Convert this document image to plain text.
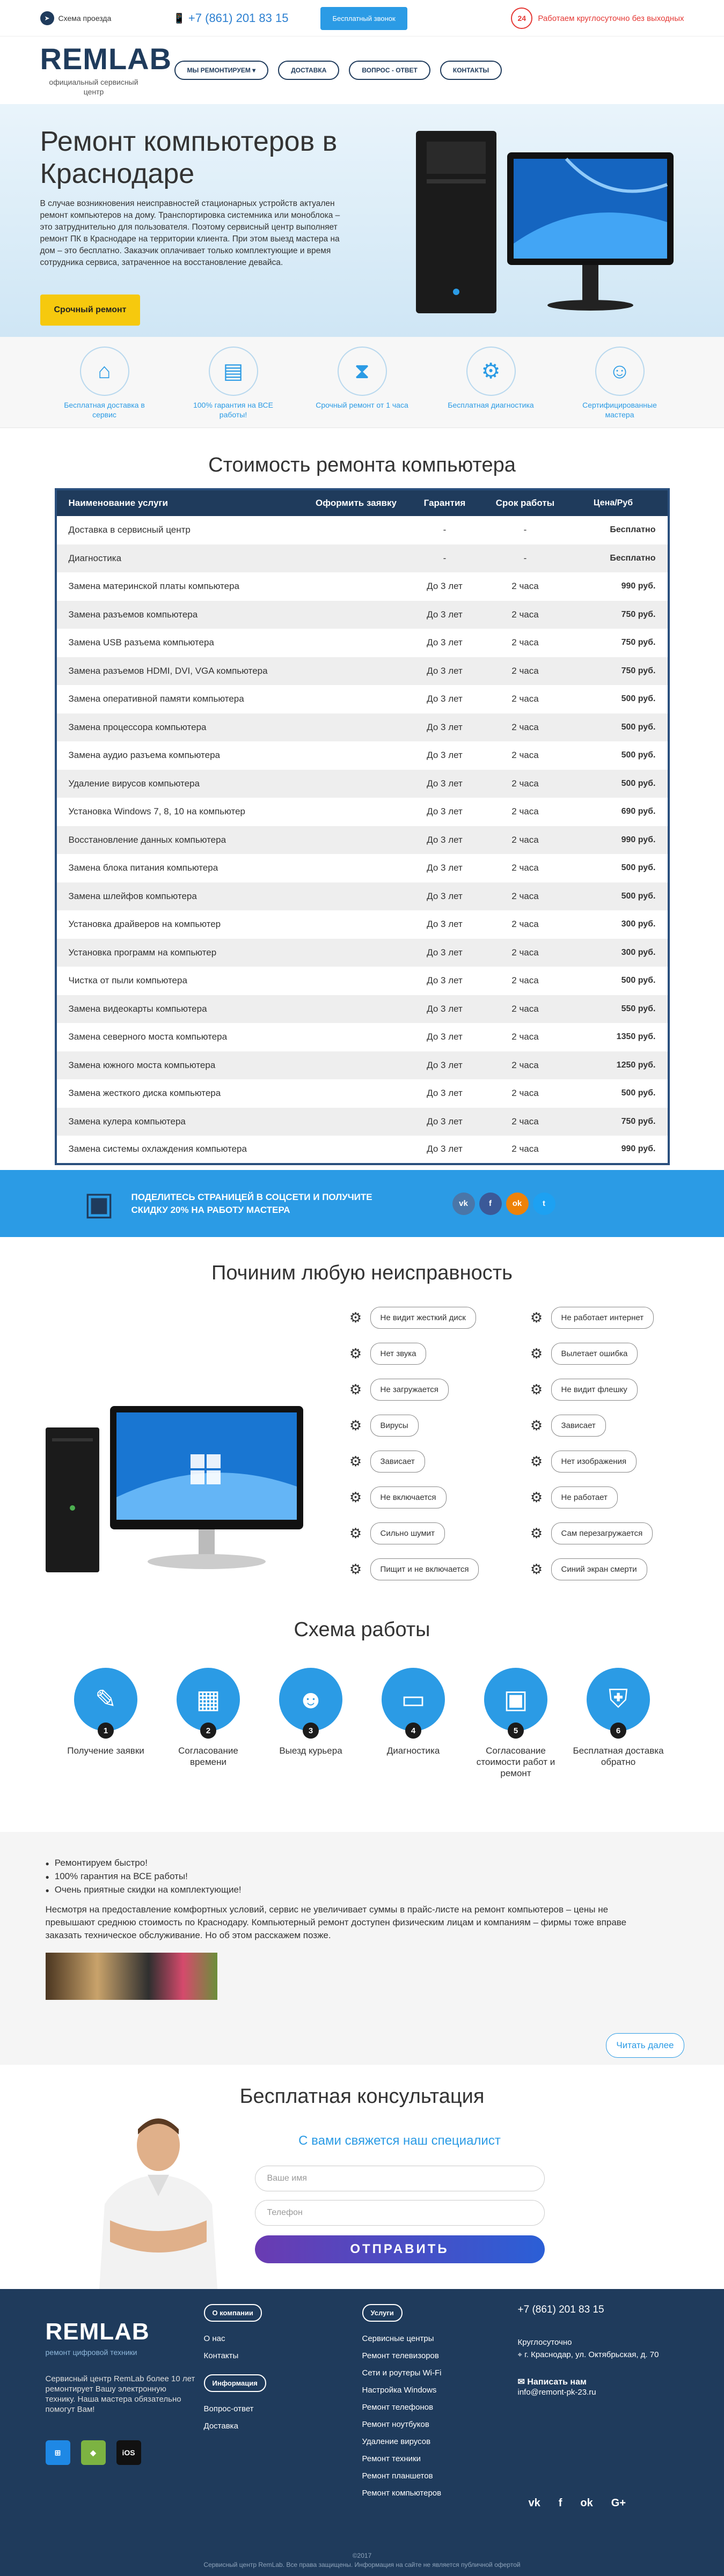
➤	Схема проезда	📱 +7 (861) 201 83 15	Бесплатный звонок	24	Работаем круглосуточно без выходных
REMLAB
официальный сервисный центр
МЫ РЕМОНТИРУЕМ ▾	ДОСТАВКА	ВОПРОС - ОТВЕТ	КОНТАКТЫ
Ремонт компьютеров в Краснодаре

В случае возникновения неисправностей стационарных устройств актуален ремонт компьютеров на дому. Транспортировка системника или моноблока – это затруднительно для пользователя. Поэтому сервисный центр выполняет ремонт ПК в Краснодаре на территории клиента. При этом выезд мастера на дом – это бесплатно. Заказчик оплачивает только комплектующие и время сотрудника сервиса, затраченное на восстановление девайса.

Срочный ремонт
⌂
Бесплатная доставка в сервис
▤
100% гарантия на ВСЕ работы!
⧗
Срочный ремонт от 1 часа
⚙
Бесплатная диагностика
☺
Сертифицированные мастера
Стоимость ремонта компьютера
Наименование услуги	Оформить заявку	Гарантия	Срок работы	Цена/Руб
Доставка в сервисный центр		-	-	Бесплатно
Диагностика		-	-	Бесплатно
Замена материнской платы компьютера		До 3 лет	2 часа	990 руб.
Замена разъемов компьютера		До 3 лет	2 часа	750 руб.
Замена USB разъема компьютера		До 3 лет	2 часа	750 руб.
Замена разъемов HDMI, DVI, VGA компьютера		До 3 лет	2 часа	750 руб.
Замена оперативной памяти компьютера		До 3 лет	2 часа	500 руб.
Замена процессора компьютера		До 3 лет	2 часа	500 руб.
Замена аудио разъема компьютера		До 3 лет	2 часа	500 руб.
Удаление вирусов компьютера		До 3 лет	2 часа	500 руб.
Установка Windows 7, 8, 10 на компьютер		До 3 лет	2 часа	690 руб.
Восстановление данных компьютера		До 3 лет	2 часа	990 руб.
Замена блока питания компьютера		До 3 лет	2 часа	500 руб.
Замена шлейфов компьютера		До 3 лет	2 часа	500 руб.
Установка драйверов на компьютер		До 3 лет	2 часа	300 руб.
Установка программ на компьютер		До 3 лет	2 часа	300 руб.
Чистка от пыли компьютера		До 3 лет	2 часа	500 руб.
Замена видеокарты компьютера		До 3 лет	2 часа	550 руб.
Замена северного моста компьютера		До 3 лет	2 часа	1350 руб.
Замена южного моста компьютера		До 3 лет	2 часа	1250 руб.
Замена жесткого диска компьютера		До 3 лет	2 часа	500 руб.
Замена кулера компьютера		До 3 лет	2 часа	750 руб.
Замена системы охлаждения компьютера		До 3 лет	2 часа	990 руб.
▣	ПОДЕЛИТЕСЬ СТРАНИЦЕЙ В СОЦСЕТИ И ПОЛУЧИТЕ
СКИДКУ 20% НА РАБОТУ МАСТЕРА
vk	f	ok	t
Починим любую неисправность
⚙	Не видит жесткий диск
⚙	Нет звука
⚙	Не загружается
⚙	Вирусы
⚙	Зависает
⚙	Не включается
⚙	Сильно шумит
⚙	Пищит и не включается
⚙	Не работает интернет
⚙	Вылетает ошибка
⚙	Не видит флешку
⚙	Зависает
⚙	Нет изображения
⚙	Не работает
⚙	Сам перезагружается
⚙	Синий экран смерти
Схема работы
✎
1
Получение заявки
▦
2
Согласование времени
☻
3
Выезд курьера
▭
4
Диагностика
▣
5
Согласование стоимости работ и ремонт
⛨
6
Бесплатная доставка обратно
● Ремонтируем быстро!
● 100% гарантия на ВСЕ работы!
● Очень приятные скидки на комплектующие!

Несмотря на предоставление комфортных условий, сервис не увеличивает суммы в прайс-листе на ремонт компьютеров – цены не превышают среднюю стоимость по Краснодару. Компьютерный ремонт доступен физическим лицам и компаниям – фирмы тоже вправе заказать техническое обслуживание. Но об этом расскажем позже.

Читать далее
Бесплатная консультация
С вами свяжется наш специалист
Ваше имя
Телефон
ОТПРАВИТЬ
REMLAB
ремонт цифровой техники
Сервисный центр RemLab более 10 лет ремонтирует Вашу электронную технику. Наша мастера обязательно помогут Вам!
⊞	◆	iOS
О компании
О нас
Контакты
Информация
Вопрос-ответ
Доставка
Услуги
Сервисные центры
Ремонт телевизоров
Сети и роутеры Wi-Fi
Настройка Windows
Ремонт телефонов
Ремонт ноутбуков
Удаление вирусов
Ремонт техники
Ремонт планшетов
Ремонт компьютеров
+7 (861) 201 83 15
Круглосуточно
⌖ г. Краснодар, ул. Октябрьская, д. 70
✉ Написать нам
info@remont-pk-23.ru
vk f ok G+
©2017
Сервисный центр RemLab. Все права защищены. Информация на сайте не является публичной офертой
